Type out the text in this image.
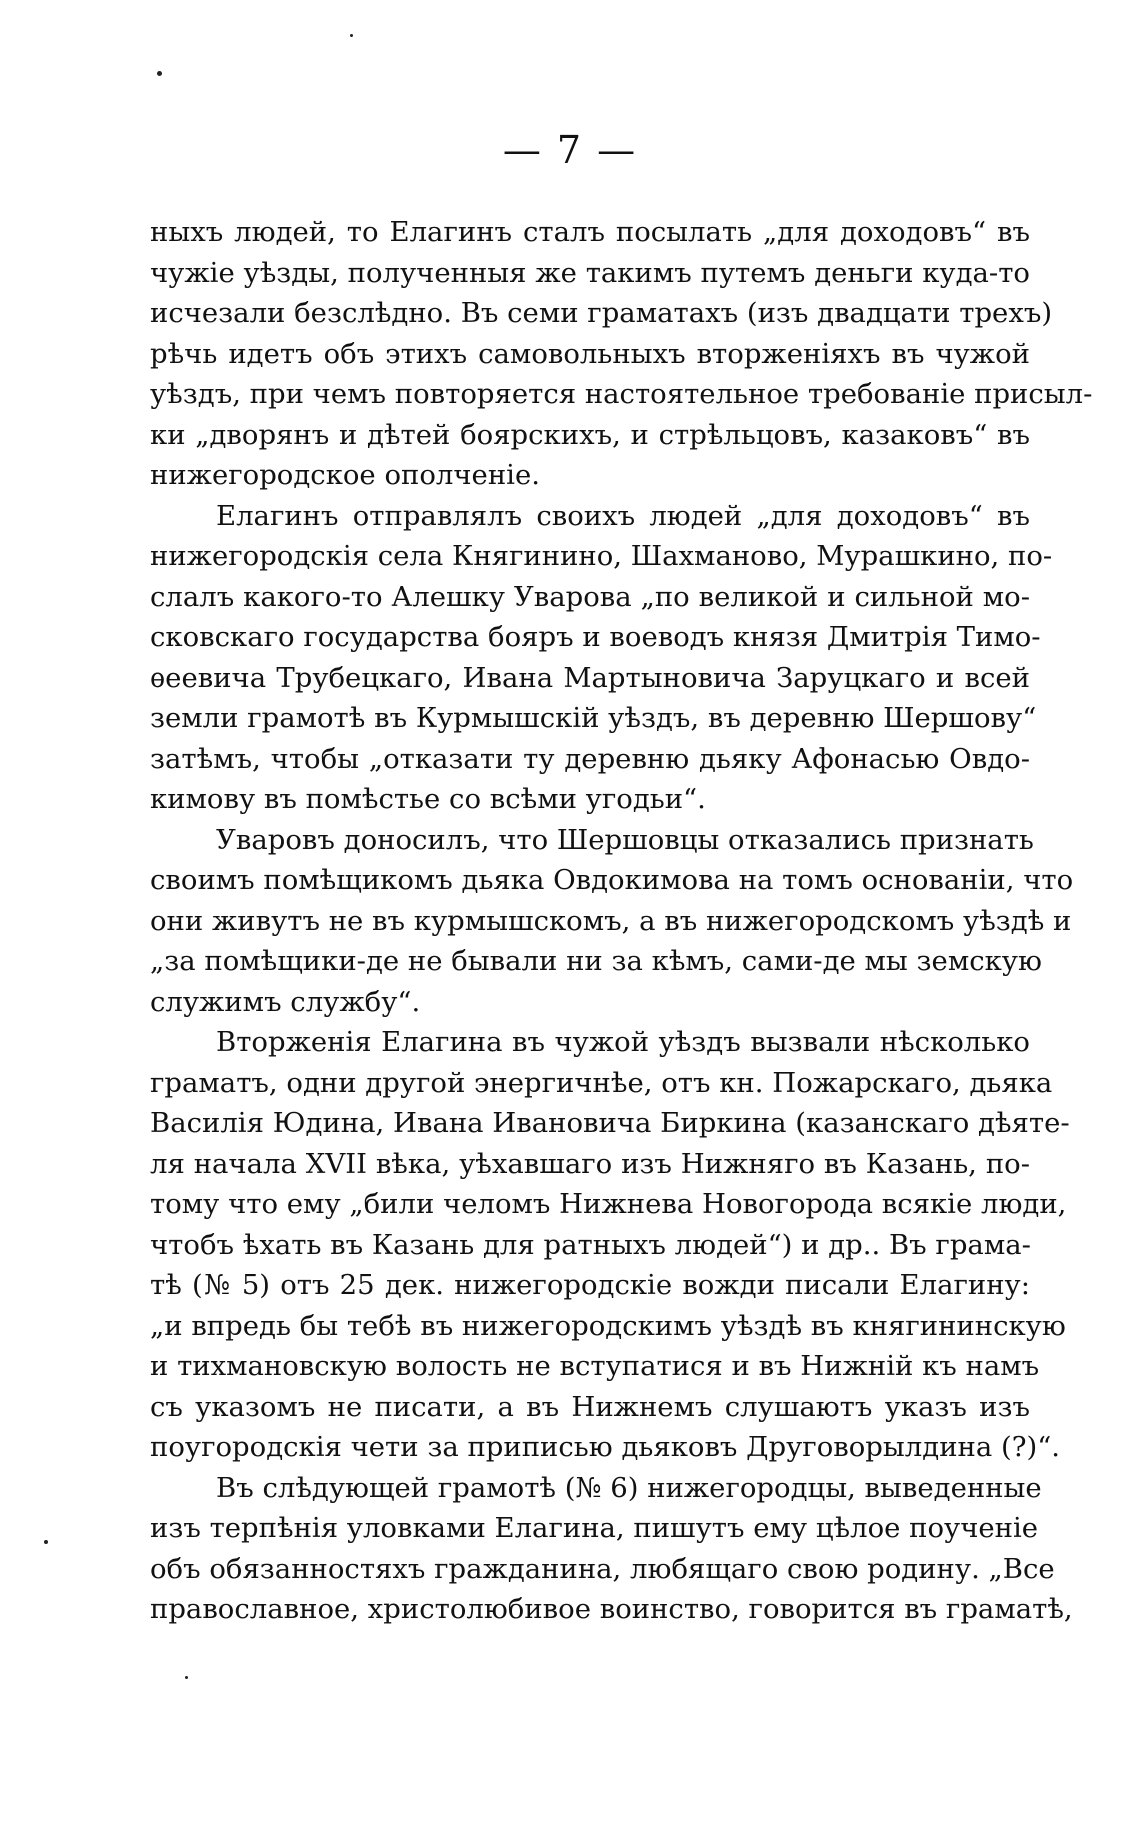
— 7 —
ныхъ людей, то Елагинъ сталъ посылать „для доходовъ“ въ
чужіе уѣзды, полученныя же такимъ путемъ деньги куда-то
исчезали безслѣдно. Въ семи граматахъ (изъ двадцати трехъ)
рѣчь идетъ объ этихъ самовольныхъ вторженіяхъ въ чужой
уѣздъ, при чемъ повторяется настоятельное требованіе присыл-
ки „дворянъ и дѣтей боярскихъ, и стрѣльцовъ, казаковъ“ въ
нижегородское ополченіе.
Елагинъ отправлялъ своихъ людей „для доходовъ“ въ
нижегородскія села Княгинино, Шахманово, Мурашкино, по-
слалъ какого-то Алешку Уварова „по великой и сильной мо-
сковскаго государства бояръ и воеводъ князя Дмитрія Тимо-
ѳеевича Трубецкаго, Ивана Мартыновича Заруцкаго и всей
земли грамотѣ въ Курмышскій уѣздъ, въ деревню Шершову“
затѣмъ, чтобы „отказати ту деревню дьяку Афонасью Овдо-
кимову въ помѣстье со всѣми угодьи“.
Уваровъ доносилъ, что Шершовцы отказались признать
своимъ помѣщикомъ дьяка Овдокимова на томъ основаніи, что
они живутъ не въ курмышскомъ, а въ нижегородскомъ уѣздѣ и
„за помѣщики-де не бывали ни за кѣмъ, сами-де мы земскую
служимъ службу“.
Вторженія Елагина въ чужой уѣздъ вызвали нѣсколько
граматъ, одни другой энергичнѣе, отъ кн. Пожарскаго, дьяка
Василія Юдина, Ивана Ивановича Биркина (казанскаго дѣяте-
ля начала XVII вѣка, уѣхавшаго изъ Нижняго въ Казань, по-
тому что ему „били челомъ Нижнева Новогорода всякіе люди,
чтобъ ѣхать въ Казань для ратныхъ людей“) и др.. Въ грама-
тѣ (№ 5) отъ 25 дек. нижегородскіе вожди писали Елагину:
„и впредь бы тебѣ въ нижегородскимъ уѣздѣ въ княгининскую
и тихмановскую волость не вступатися и въ Нижній къ намъ
съ указомъ не писати, а въ Нижнемъ слушаютъ указъ изъ
поугородскія чети за приписью дьяковъ Друговорылдина (?)“.
Въ слѣдующей грамотѣ (№ 6) нижегородцы, выведенные
изъ терпѣнія уловками Елагина, пишутъ ему цѣлое поученіе
объ обязанностяхъ гражданина, любящаго свою родину. „Все
православное, христолюбивое воинство, говорится въ граматѣ,
